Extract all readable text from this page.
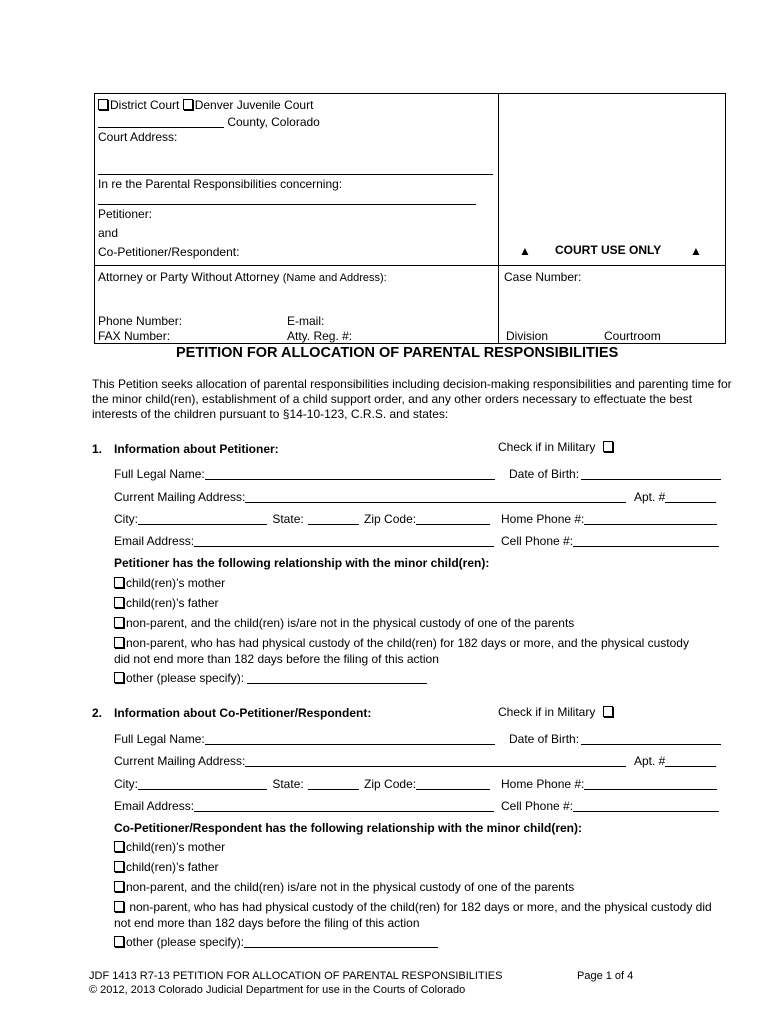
District Court Denver Juvenile Court
County, Colorado
Court Address:
In re the Parental Responsibilities concerning:
Petitioner:
and
Co-Petitioner/Respondent:	▲ COURT USE ONLY ▲
Attorney or Party Without Attorney (Name and Address):	Case Number:
Phone Number:	E-mail:
FAX Number:	Atty. Reg. #:	Division	Courtroom
PETITION FOR ALLOCATION OF PARENTAL RESPONSIBILITIES
This Petition seeks allocation of parental responsibilities including decision-making responsibilities and parenting time for the minor child(ren), establishment of a child support order, and any other orders necessary to effectuate the best interests of the children pursuant to §14-10-123, C.R.S. and states:
1. Information about Petitioner:	Check if in Military
Full Legal Name:	Date of Birth:
Current Mailing Address:	Apt. #
City:	State:	Zip Code:	Home Phone #:
Email Address:	Cell Phone #:
Petitioner has the following relationship with the minor child(ren):
child(ren)’s mother
child(ren)’s father
non-parent, and the child(ren) is/are not in the physical custody of one of the parents
non-parent, who has had physical custody of the child(ren) for 182 days or more, and the physical custody
did not end more than 182 days before the filing of this action
other (please specify):
2. Information about Co-Petitioner/Respondent:	Check if in Military
Full Legal Name:	Date of Birth:
Current Mailing Address:	Apt. #
City:	State:	Zip Code:	Home Phone #:
Email Address:	Cell Phone #:
Co-Petitioner/Respondent has the following relationship with the minor child(ren):
child(ren)’s mother
child(ren)’s father
non-parent, and the child(ren) is/are not in the physical custody of one of the parents
non-parent, who has had physical custody of the child(ren) for 182 days or more, and the physical custody did
not end more than 182 days before the filing of this action
other (please specify):
JDF 1413 R7-13 PETITION FOR ALLOCATION OF PARENTAL RESPONSIBILITIES	Page 1 of 4
© 2012, 2013 Colorado Judicial Department for use in the Courts of Colorado
